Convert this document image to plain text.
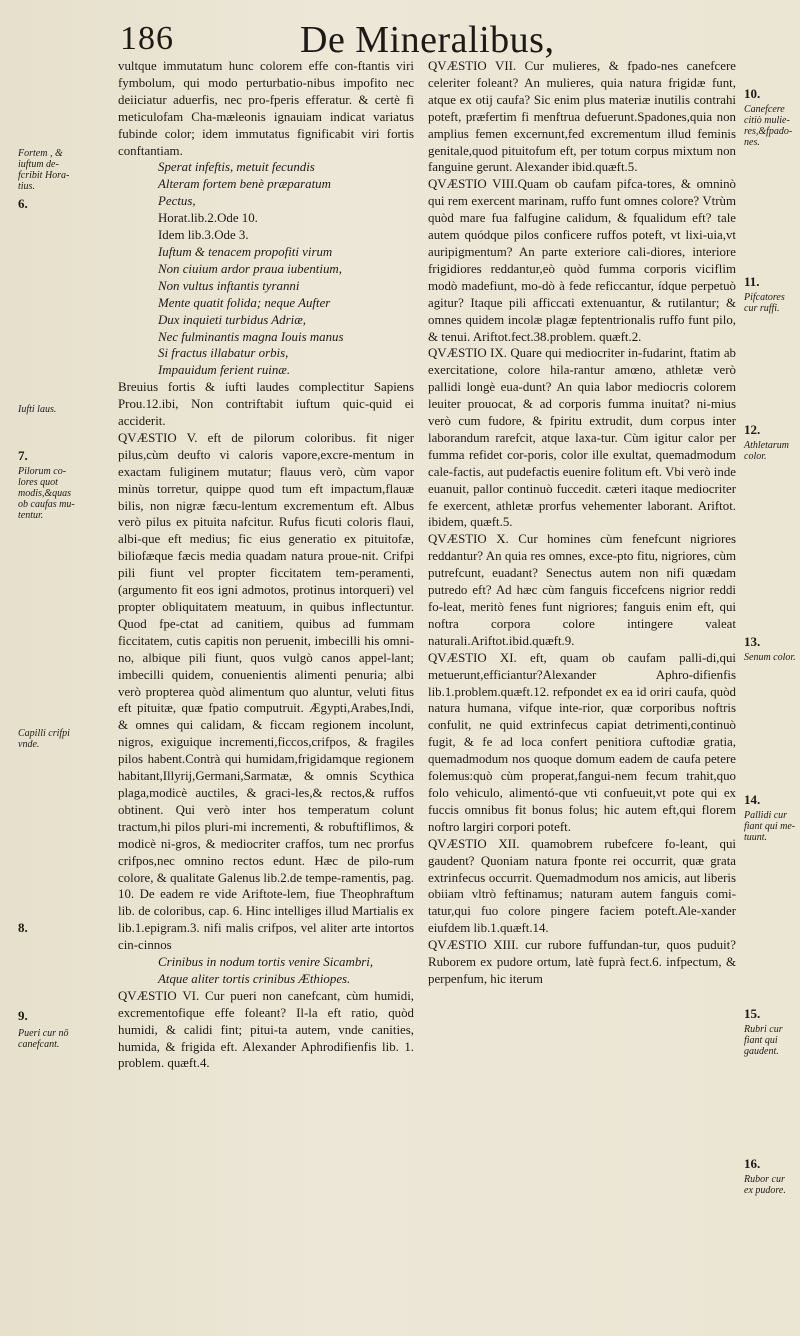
186	De Mineralibus,
Fortem , & iuftum de-fcribit Hora-tius.
6.
Iufti laus.
7.
Pilorum co-lores quot modis,&quas ob caufas mu-tentur.
Capilli crifpi vnde.
8.
9.
Pueri cur nō canefcant.
10.
Canefcere citiò mulie-res,&fpado-nes.
11.
Pifcatores cur ruffi.
12.
Athletarum color.
13.
Senum color.
14.
Pallidi cur fiant qui me-tuunt.
15.
Rubri cur fiant qui gaudent.
16.
Rubor cur ex pudore.

vultque immutatum hunc colorem effe con-ftantis viri fymbolum, qui modo perturbatio-nibus impofito nec deiiciatur aduerfis, nec pro-fperis efferatur. & certè fi meticulofam Cha-mæleonis ignauiam indicat variatus fubinde color; idem immutatus fignificabit viri fortis conftantiam.

Sperat infeftis, metuit fecundis

Alteram fortem benè præparatum

Pectus,

Horat.lib.2.Ode 10.

Idem lib.3.Ode 3.

Iuftum & tenacem propofiti virum

Non ciuium ardor praua iubentium,

Non vultus inftantis tyranni

Mente quatit folida; neque Aufter

Dux inquieti turbidus Adriæ,

Nec fulminantis magna Iouis manus

Si fractus illabatur orbis,

Impauidum ferient ruinæ.

Breuius fortis & iufti laudes complectitur Sapiens Prou.12.ibi, Non contriftabit iuftum quic-quid ei acciderit.

QVÆSTIO V. eft de pilorum coloribus. fit niger pilus,cùm deufto vi caloris vapore,excre-mentum in exactam fuliginem mutatur; flauus verò, cùm vapor minùs torretur, quippe quod tum eft impactum,flauæ bilis, non nigræ fæcu-lentum excrementum eft. Albus verò pilus ex pituita nafcitur. Rufus ficuti coloris flaui, albi-que eft medius; fic eius generatio ex pituitofæ, biliofæque fæcis media quadam natura proue-nit. Crifpi pili fiunt vel propter ficcitatem tem-peramenti, (argumento fit eos igni admotos, protinus intorqueri) vel propter obliquitatem meatuum, in quibus inflectuntur. Quod fpe-ctat ad canitiem, quibus ad fummam ficcitatem, cutis capitis non peruenit, imbecilli his omni-no, albique pili fiunt, quos vulgò canos appel-lant; imbecilli quidem, conuenientis alimenti penuria; albi verò propterea quòd alimentum quo aluntur, veluti fitus eft pituitæ, quæ fpatio computruit. Ægypti,Arabes,Indi, & omnes qui calidam, & ficcam regionem incolunt, nigros, exiguique incrementi,ficcos,crifpos, & fragiles pilos habent.Contrà qui humidam,frigidamque regionem habitant,Illyrij,Germani,Sarmatæ, & omnis Scythica plaga,modicè auctiles, & graci-les,& rectos,& ruffos obtinent. Qui verò inter hos temperatum colunt tractum,hi pilos pluri-mi incrementi, & robuftiflimos, & modicè ni-gros, & mediocriter craffos, tum nec prorfus crifpos,nec omnino rectos edunt. Hæc de pilo-rum colore, & qualitate Galenus lib.2.de tempe-ramentis, pag. 10. De eadem re vide Ariftote-lem, fiue Theophraftum lib. de coloribus, cap. 6. Hinc intelliges illud Martialis ex lib.1.epigram.3. nifi malis crifpos, vel aliter arte intortos cin-cinnos

Crinibus in nodum tortis venire Sicambri,

Atque aliter tortis crinibus Æthiopes.

QVÆSTIO VI. Cur pueri non canefcant, cùm humidi, excrementofique effe foleant? Il-la eft ratio, quòd humidi, & calidi fint; pitui-ta autem, vnde canities, humida, & frigida eft. Alexander Aphrodifienfis lib. 1. problem. quæft.4.

QVÆSTIO VII. Cur mulieres, & fpado-nes canefcere celeriter foleant? An mulieres, quia natura frigidæ funt, atque ex otij caufa? Sic enim plus materiæ inutilis contrahi poteft, præfertim fi menftrua defuerunt.Spadones,quia non amplius femen excernunt,fed excrementum illud feminis genitale,quod pituitofum eft, per totum corpus mixtum non fanguine gerunt. Alexander ibid.quæft.5.

QVÆSTIO VIII.Quam ob caufam pifca-tores, & omninò qui rem exercent marinam, ruffo funt omnes colore? Vtrùm quòd mare fua falfugine calidum, & fqualidum eft? tale autem quódque pilos conficere ruffos poteft, vt lixi-uia,vt auripigmentum? An parte exteriore cali-diores, interiore frigidiores reddantur,eò quòd fumma corporis viciflim modò madefiunt, mo-dò à fede reficcantur, ídque perpetuò agitur? Itaque pili afficcati extenuantur, & rutilantur; & omnes quidem incolæ plagæ feptentrionalis ruffo funt pilo, & tenui. Ariftot.fect.38.problem. quæft.2.

QVÆSTIO IX. Quare qui mediocriter in-fudarint, ftatim ab exercitatione, colore hila-rantur amœno, athletæ verò pallidi longè eua-dunt? An quia labor mediocris colorem leuiter prouocat, & ad corporis fumma inuitat? ni-mius verò cum fudore, & fpiritu extrudit, dum corpus inter laborandum rarefcit, atque laxa-tur. Cùm igitur calor per fumma refidet cor-poris, color ille exultat, quemadmodum cale-factis, aut pudefactis euenire folitum eft. Vbi verò inde euanuit, pallor continuò fuccedit. cæteri itaque mediocriter fe exercent, athletæ prorfus vehementer laborant. Ariftot. ibidem, quæft.5.

QVÆSTIO X. Cur homines cùm fenefcunt nigriores reddantur? An quia res omnes, exce-pto fitu, nigriores, cùm putrefcunt, euadant? Senectus autem non nifi quædam putredo eft? Ad hæc cùm fanguis ficcefcens nigrior reddi fo-leat, meritò fenes funt nigriores; fanguis enim eft, qui noftra corpora colore intingere valeat naturali.Ariftot.ibid.quæft.9.

QVÆSTIO XI. eft, quam ob caufam palli-di,qui metuerunt,efficiantur?Alexander Aphro-difienfis lib.1.problem.quæft.12. refpondet ex ea id oriri caufa, quòd natura humana, vifque inte-rior, quæ corporibus noftris confulit, ne quid extrinfecus capiat detrimenti,continuò fugit, & fe ad loca confert penitiora cuftodiæ gratia, quemadmodum nos quoque domum eadem de caufa petere folemus:quò cùm properat,fangui-nem fecum trahit,quo folo vehiculo, alimentó-que vti confueuit,vt pote qui ex fuccis omnibus fit bonus folus; hic autem eft,qui florem noftro largiri corpori poteft.

QVÆSTIO XII. quamobrem rubefcere fo-leant, qui gaudent? Quoniam natura fponte rei occurrit, quæ grata extrinfecus occurrit. Quemadmodum nos amicis, aut liberis obiiam vltrò feftinamus; naturam autem fanguis comi-tatur,qui fuo colore pingere faciem poteft.Ale-xander eiufdem lib.1.quæft.14.

QVÆSTIO XIII. cur rubore fuffundan-tur, quos puduit? Ruborem ex pudore ortum, latè fuprà fect.6. infpectum, & perpenfum, hic iterum
